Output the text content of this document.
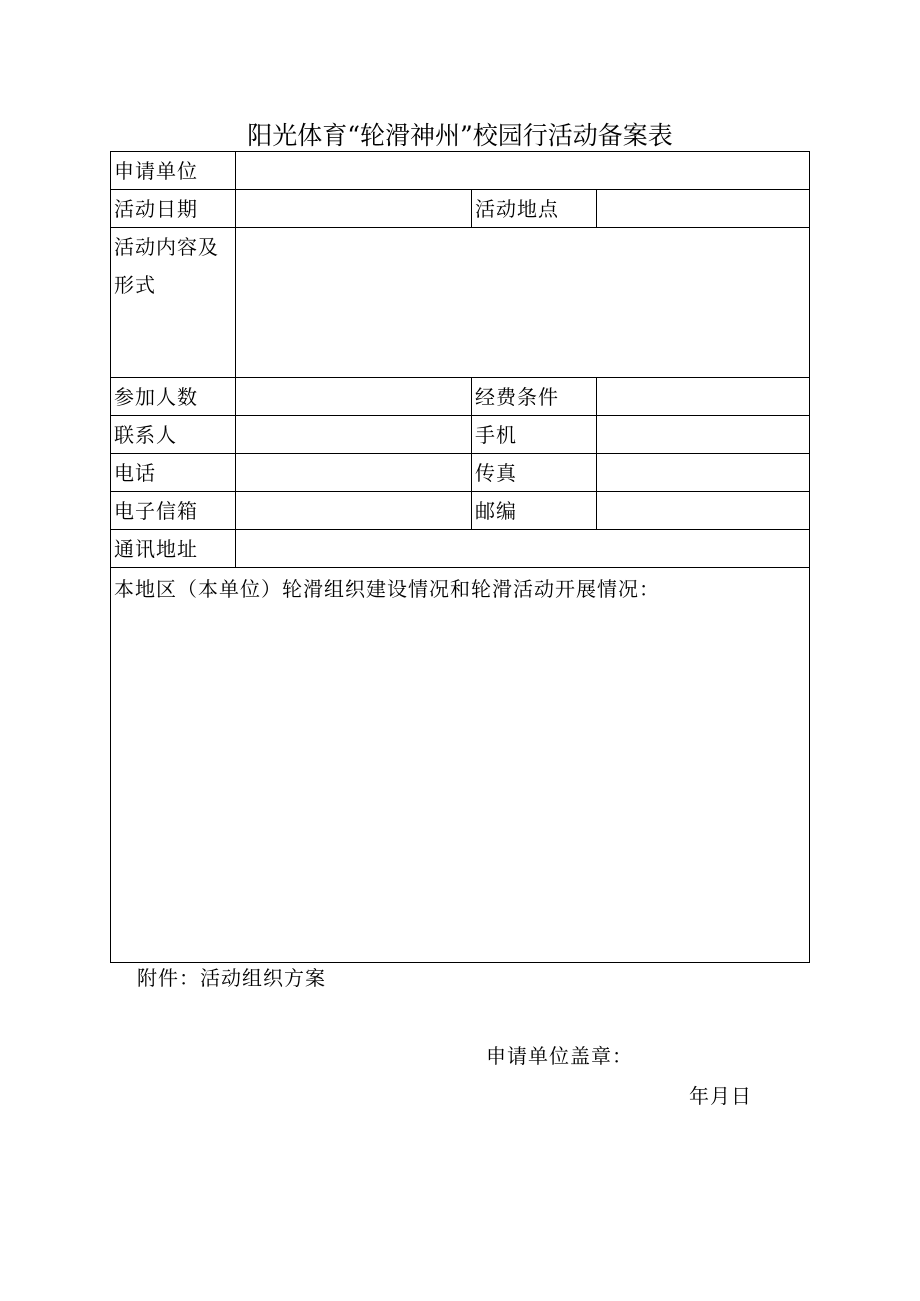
阳光体育“轮滑神州”校园行活动备案表
申请单位
活动日期	活动地点
活动内容及
形式
参加人数	经费条件
联系人	手机
电话	传真
电子信箱	邮编
通讯地址
本地区（本单位）轮滑组织建设情况和轮滑活动开展情况：
附件：活动组织方案
申请单位盖章：
年月日
